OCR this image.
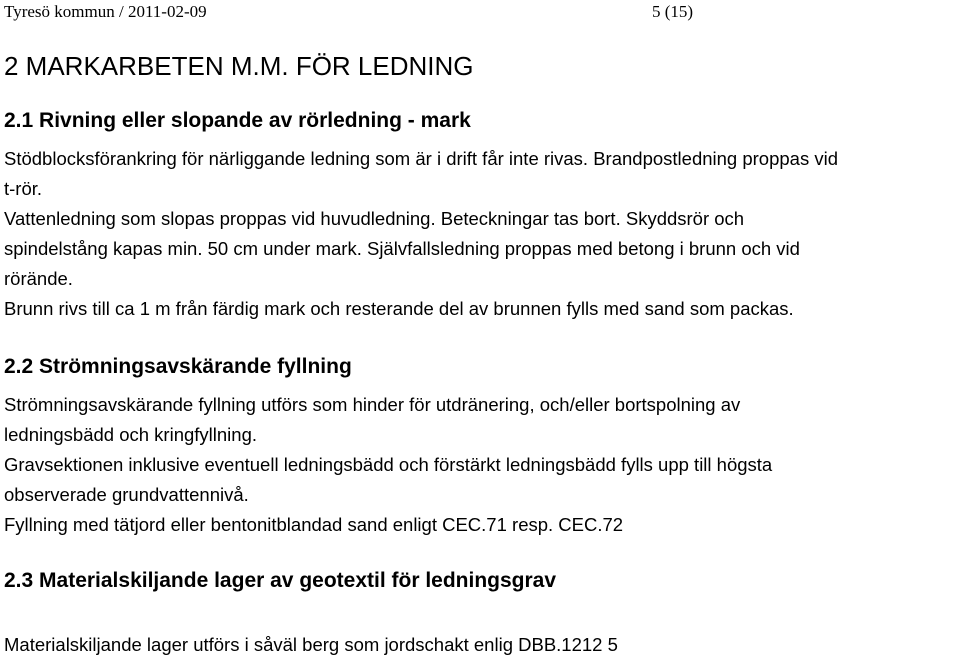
Tyresö kommun / 2011-02-09	5 (15)
2 MARKARBETEN M.M. FÖR LEDNING
2.1 Rivning eller slopande av rörledning - mark
Stödblocksförankring för närliggande ledning som är i drift får inte rivas. Brandpostledning proppas vid
t-rör.
Vattenledning som slopas proppas vid huvudledning. Beteckningar tas bort. Skyddsrör och
spindelstång kapas min. 50 cm under mark. Självfallsledning proppas med betong i brunn och vid
rörände.
Brunn rivs till ca 1 m från färdig mark och resterande del av brunnen fylls med sand som packas.
2.2 Strömningsavskärande fyllning
Strömningsavskärande fyllning utförs som hinder för utdränering, och/eller bortspolning av
ledningsbädd och kringfyllning.
Gravsektionen inklusive eventuell ledningsbädd och förstärkt ledningsbädd fylls upp till högsta
observerade grundvattennivå.
Fyllning med tätjord eller bentonitblandad sand enligt CEC.71 resp. CEC.72
2.3 Materialskiljande lager av geotextil för ledningsgrav
Materialskiljande lager utförs i såväl berg som jordschakt enlig DBB.1212 5
